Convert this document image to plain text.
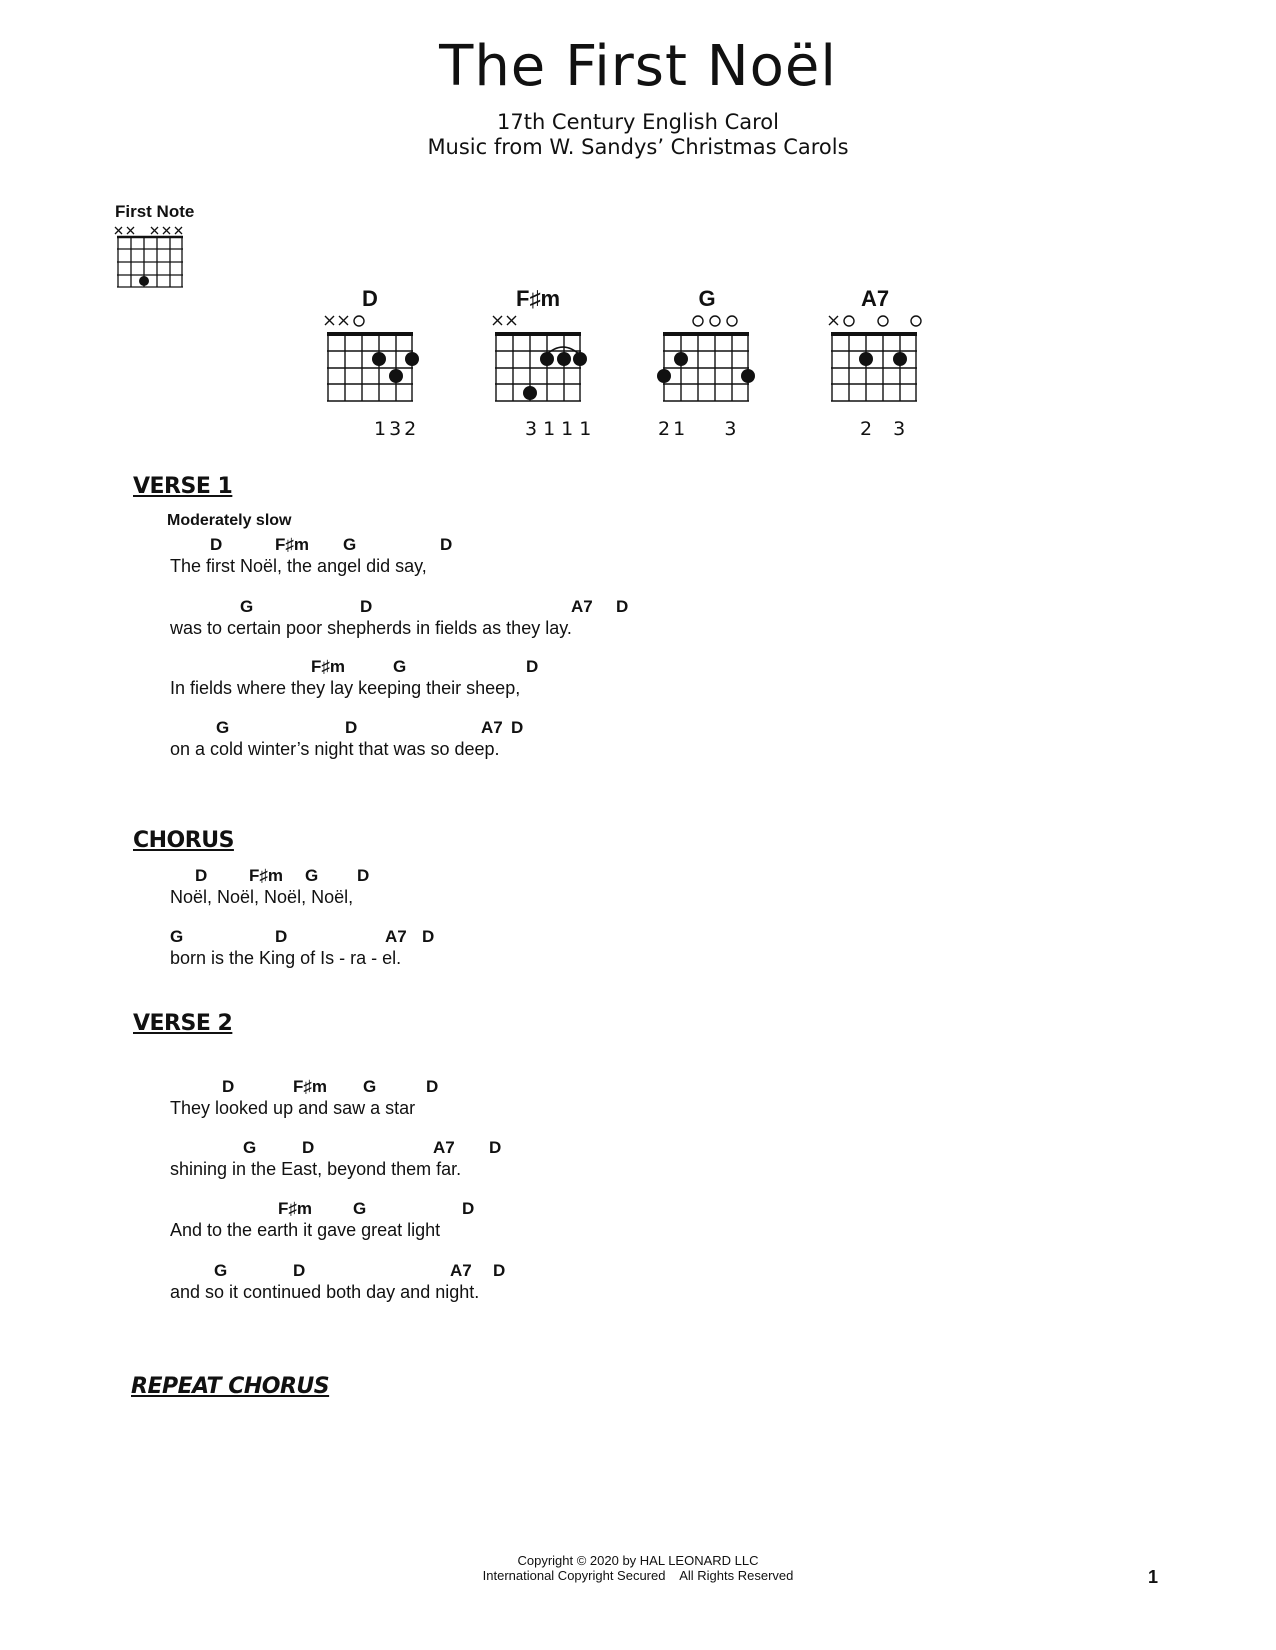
The First Noël
17th Century English Carol
Music from W. Sandys’ Christmas Carols
First Note
D
132
F♯m
3111
G
21    3
A7
2  3
VERSE 1
Moderately slow
D	F♯m G	D
The first Noël, the angel did say,
G	D	A7 D
was to certain poor shepherds in fields as they lay.
F♯m	G	D
In fields where they lay keeping their sheep,
G	D	A7 D
on a cold winter’s night that was so deep.
CHORUS
D F♯m G D
Noël, Noël, Noël, Noël,
G	D	A7 D
born is the King of Is - ra - el.
VERSE 2
D	F♯m G	D
They looked up and saw a star
G	D	A7 D
shining in the East, beyond them far.
F♯m G	D
And to the earth it gave great light
G	D	A7 D
and so it continued both day and night.
REPEAT CHORUS
Copyright © 2020 by HAL LEONARD LLC
International Copyright Secured    All Rights Reserved	1
